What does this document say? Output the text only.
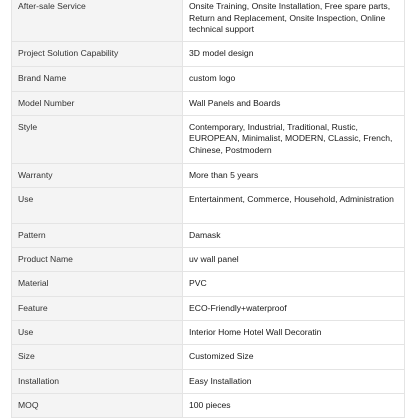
After-sale Service	Onsite Training, Onsite Installation, Free spare parts, Return and Replacement, Onsite Inspection, Online technical support
Project Solution Capability	3D model design
Brand Name	custom logo
Model Number	Wall Panels and Boards
Style	Contemporary, Industrial, Traditional, Rustic, EUROPEAN, Minimalist, MODERN, CLassic, French, Chinese, Postmodern
Warranty	More than 5 years
Use	Entertainment, Commerce, Household, Administration
Pattern	Damask
Product Name	uv wall panel
Material	PVC
Feature	ECO-Friendly+waterproof
Use	Interior Home Hotel Wall Decoratin
Size	Customized Size
Installation	Easy Installation
MOQ	100 pieces
